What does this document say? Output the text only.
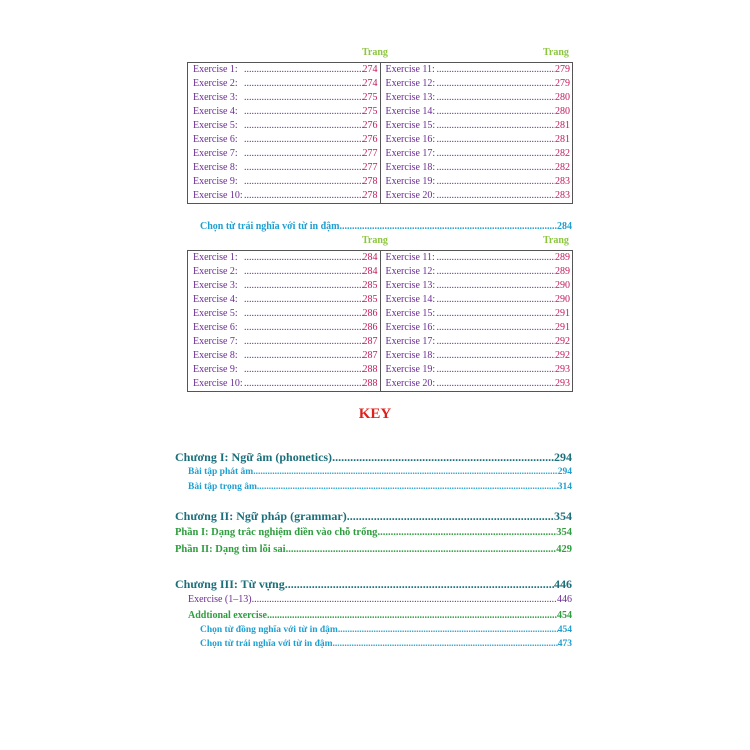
Trang	Trang
Exercise 1: ..... 274	Exercise 11: ..... 279

Exercise 2: ..... 274	Exercise 12: ..... 279

Exercise 3: ..... 275	Exercise 13: ..... 280

Exercise 4: ..... 275	Exercise 14: ..... 280

Exercise 5: ..... 276	Exercise 15: ..... 281

Exercise 6: ..... 276	Exercise 16: ..... 281

Exercise 7: ..... 277	Exercise 17: ..... 282

Exercise 8: ..... 277	Exercise 18: ..... 282

Exercise 9: ..... 278	Exercise 19: ..... 283

Exercise 10: ..... 278	Exercise 20: ..... 283
Chọn từ trái nghĩa với từ in đậm .....	284
Trang	Trang
Exercise 1: ..... 284	Exercise 11: ..... 289

Exercise 2: ..... 284	Exercise 12: ..... 289

Exercise 3: ..... 285	Exercise 13: ..... 290

Exercise 4: ..... 285	Exercise 14: ..... 290

Exercise 5: ..... 286	Exercise 15: ..... 291

Exercise 6: ..... 286	Exercise 16: ..... 291

Exercise 7: ..... 287	Exercise 17: ..... 292

Exercise 8: ..... 287	Exercise 18: ..... 292

Exercise 9: ..... 288	Exercise 19: ..... 293

Exercise 10: ..... 288	Exercise 20: ..... 293
KEY
Chương I: Ngữ âm (phonetics) .....	294
Bài tập phát âm .....	294
Bài tập trọng âm .....	314
Chương II: Ngữ pháp (grammar) .....	354
Phần I: Dạng trắc nghiệm điền vào chỗ trống .....	354
Phần II: Dạng tìm lỗi sai .....	429
Chương III: Từ vựng .....	446
Exercise (1–13) .....	446
Addtional exercise .....	454
Chọn từ đồng nghĩa với từ in đậm .....	454
Chọn từ trái nghĩa với từ in đậm .....	473
